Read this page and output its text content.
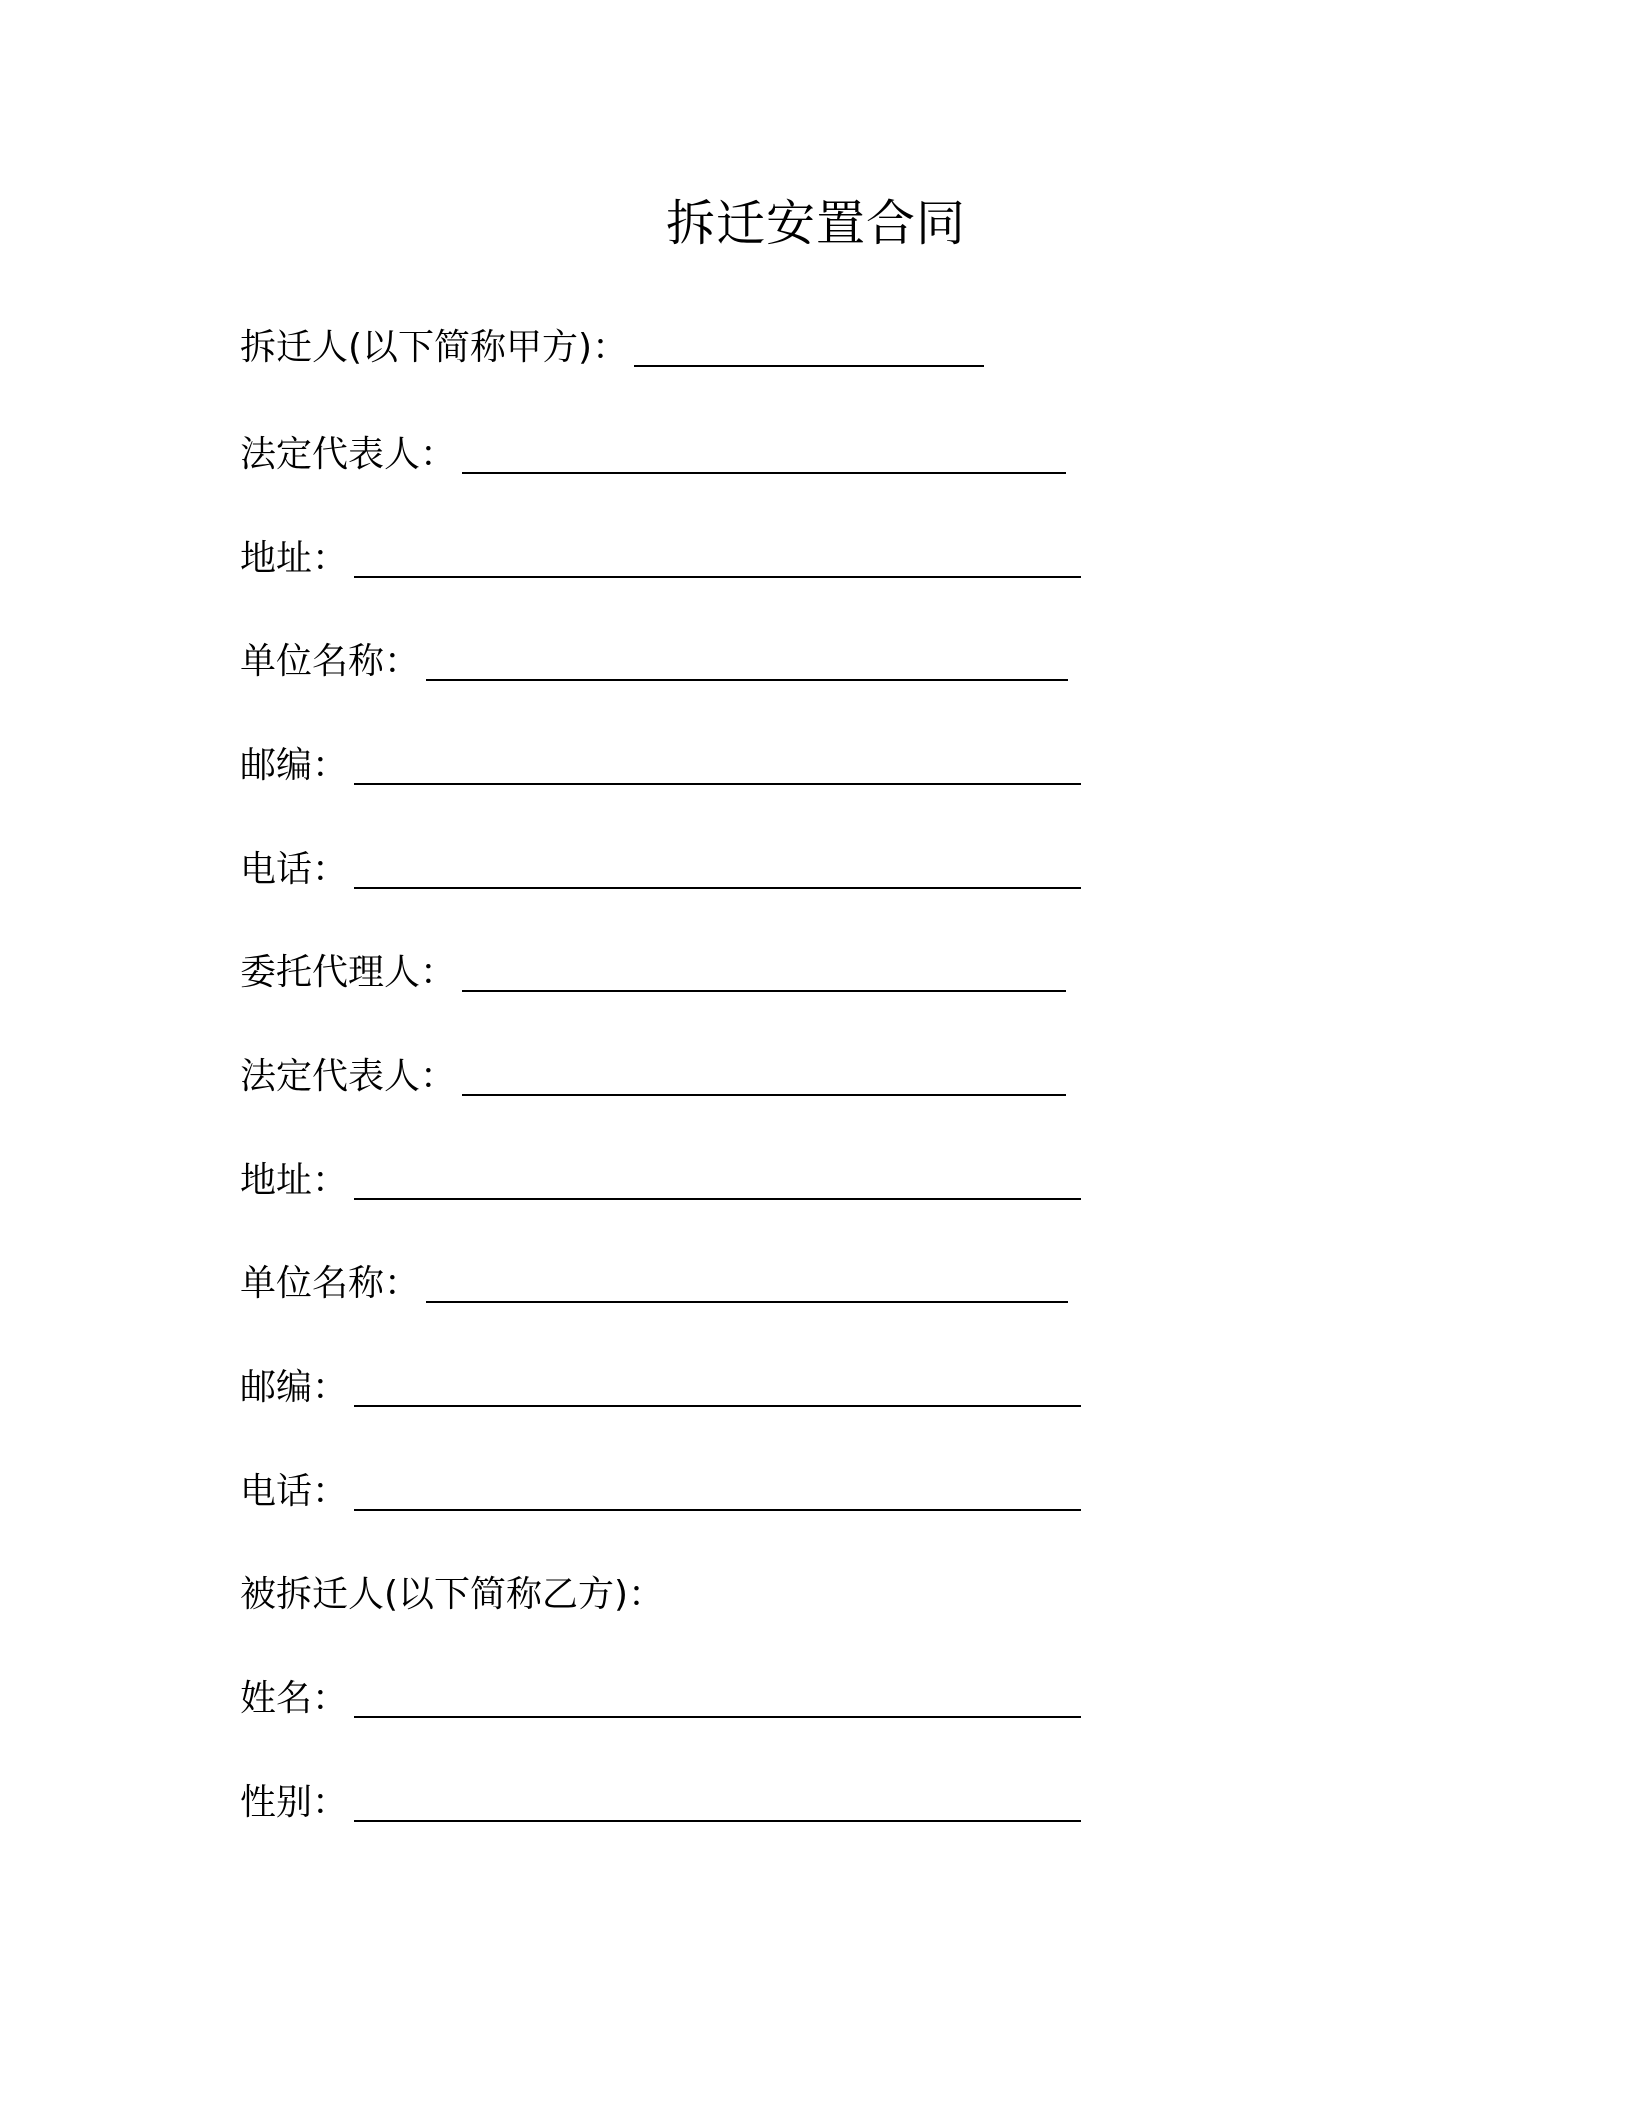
拆迁安置合同
拆迁人(以下简称甲方)：
法定代表人：
地址：
单位名称：
邮编：
电话：
委托代理人：
法定代表人：
地址：
单位名称：
邮编：
电话：
被拆迁人(以下简称乙方)：
姓名：
性别：
